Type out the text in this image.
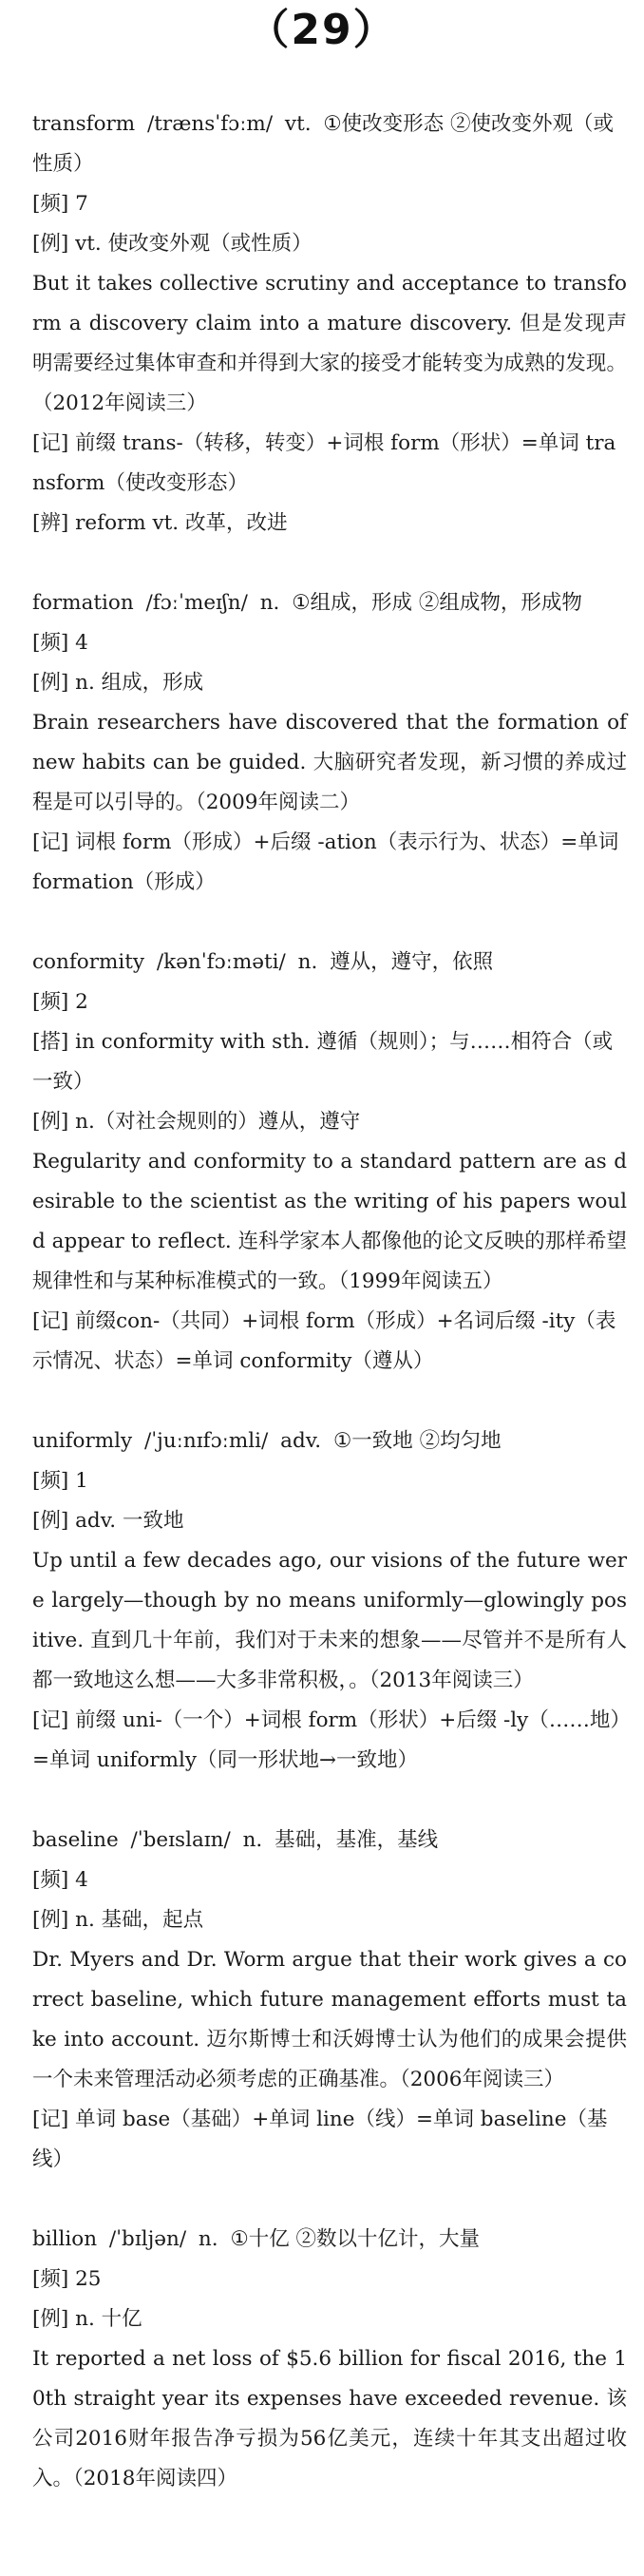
（29）

transform /trænsˈfɔːm/ vt. ①使改变形态 ②使改变外观（或性质）

[频] 7

[例] vt. 使改变外观（或性质）

But it takes collective scrutiny and acceptance to transform a discovery claim into a mature discovery. 但是发现声明需要经过集体审查和并得到大家的接受才能转变为成熟的发现。（2012年阅读三）

[记] 前缀 trans-（转移，转变）+词根 form（形状）=单词 transform（使改变形态）

[辨] reform vt. 改革，改进

formation /fɔːˈmeɪʃn/ n. ①组成，形成 ②组成物，形成物

[频] 4

[例] n. 组成，形成

Brain researchers have discovered that the formation of new habits can be guided. 大脑研究者发现，新习惯的养成过程是可以引导的。（2009年阅读二）

[记] 词根 form（形成）+后缀 -ation（表示行为、状态）=单词 formation（形成）

conformity /kənˈfɔːməti/ n. 遵从，遵守，依照

[频] 2

[搭] in conformity with sth. 遵循（规则）；与……相符合（或一致）

[例] n.（对社会规则的）遵从，遵守

Regularity and conformity to a standard pattern are as desirable to the scientist as the writing of his papers would appear to reflect. 连科学家本人都像他的论文反映的那样希望规律性和与某种标准模式的一致。（1999年阅读五）

[记] 前缀con-（共同）+词根 form（形成）+名词后缀 -ity（表示情况、状态）=单词 conformity（遵从）

uniformly /ˈjuːnɪfɔːmli/ adv. ①一致地 ②均匀地

[频] 1

[例] adv. 一致地

Up until a few decades ago, our visions of the future were largely—though by no means uniformly—glowingly positive. 直到几十年前，我们对于未来的想象——尽管并不是所有人都一致地这么想——大多非常积极，。（2013年阅读三）

[记] 前缀 uni-（一个）+词根 form（形状）+后缀 -ly（……地）=单词 uniformly（同一形状地→一致地）

baseline /ˈbeɪslaɪn/ n. 基础，基准，基线

[频] 4

[例] n. 基础，起点

Dr. Myers and Dr. Worm argue that their work gives a correct baseline, which future management efforts must take into account. 迈尔斯博士和沃姆博士认为他们的成果会提供一个未来管理活动必须考虑的正确基准。（2006年阅读三）

[记] 单词 base（基础）+单词 line（线）=单词 baseline（基线）

billion /ˈbɪljən/ n. ①十亿 ②数以十亿计，大量

[频] 25

[例] n. 十亿

It reported a net loss of $5.6 billion for fiscal 2016, the 10th straight year its expenses have exceeded revenue. 该公司2016财年报告净亏损为56亿美元，连续十年其支出超过收入。（2018年阅读四）
